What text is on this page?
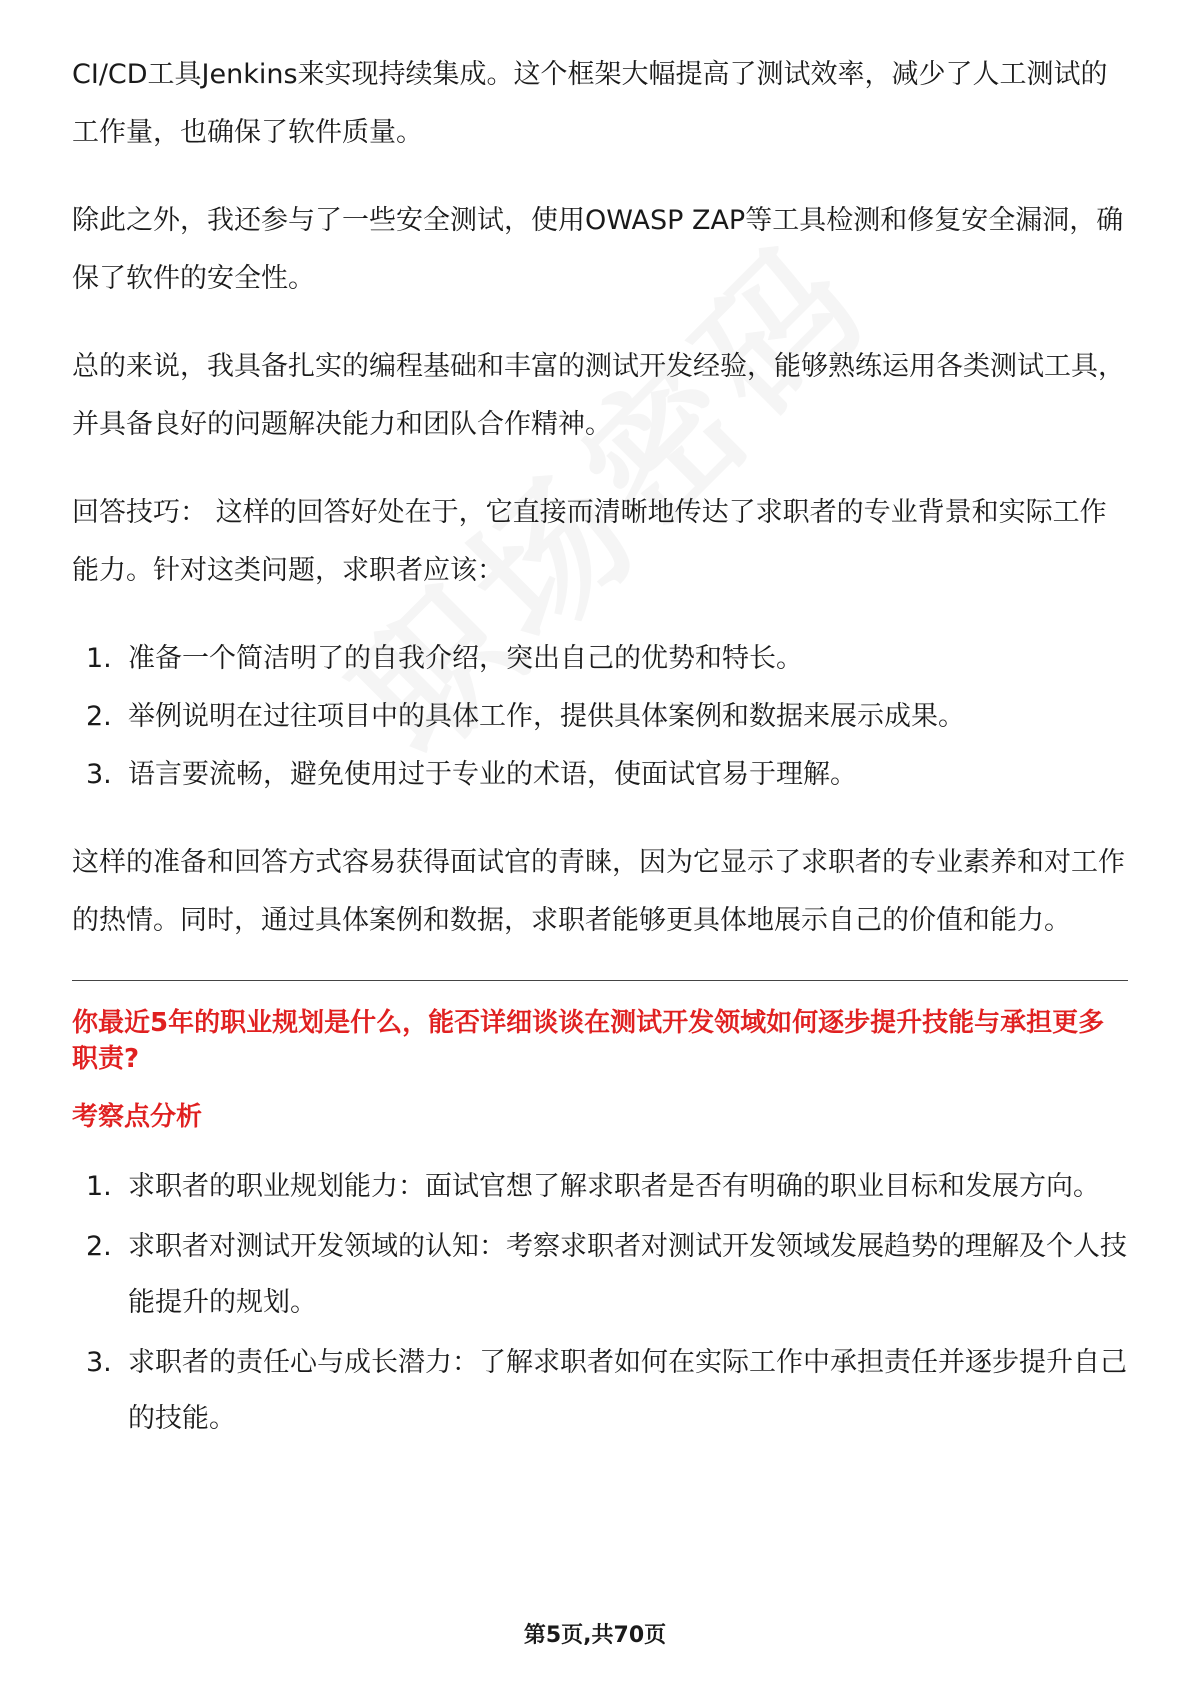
CI/CD工具Jenkins来实现持续集成。这个框架大幅提高了测试效率，减少了人工测试的工作量，也确保了软件质量。

除此之外，我还参与了一些安全测试，使用OWASP ZAP等工具检测和修复安全漏洞，确保了软件的安全性。

总的来说，我具备扎实的编程基础和丰富的测试开发经验，能够熟练运用各类测试工具，并具备良好的问题解决能力和团队合作精神。

回答技巧： 这样的回答好处在于，它直接而清晰地传达了求职者的专业背景和实际工作能力。针对这类问题，求职者应该：

1. 准备一个简洁明了的自我介绍，突出自己的优势和特长。
2. 举例说明在过往项目中的具体工作，提供具体案例和数据来展示成果。
3. 语言要流畅，避免使用过于专业的术语，使面试官易于理解。

这样的准备和回答方式容易获得面试官的青睐，因为它显示了求职者的专业素养和对工作的热情。同时，通过具体案例和数据，求职者能够更具体地展示自己的价值和能力。

你最近5年的职业规划是什么，能否详细谈谈在测试开发领域如何逐步提升技能与承担更多职责?
考察点分析
1. 求职者的职业规划能力：面试官想了解求职者是否有明确的职业目标和发展方向。
2. 求职者对测试开发领域的认知：考察求职者对测试开发领域发展趋势的理解及个人技能提升的规划。
3. 求职者的责任心与成长潜力：了解求职者如何在实际工作中承担责任并逐步提升自己的技能。
第5页,共70页
